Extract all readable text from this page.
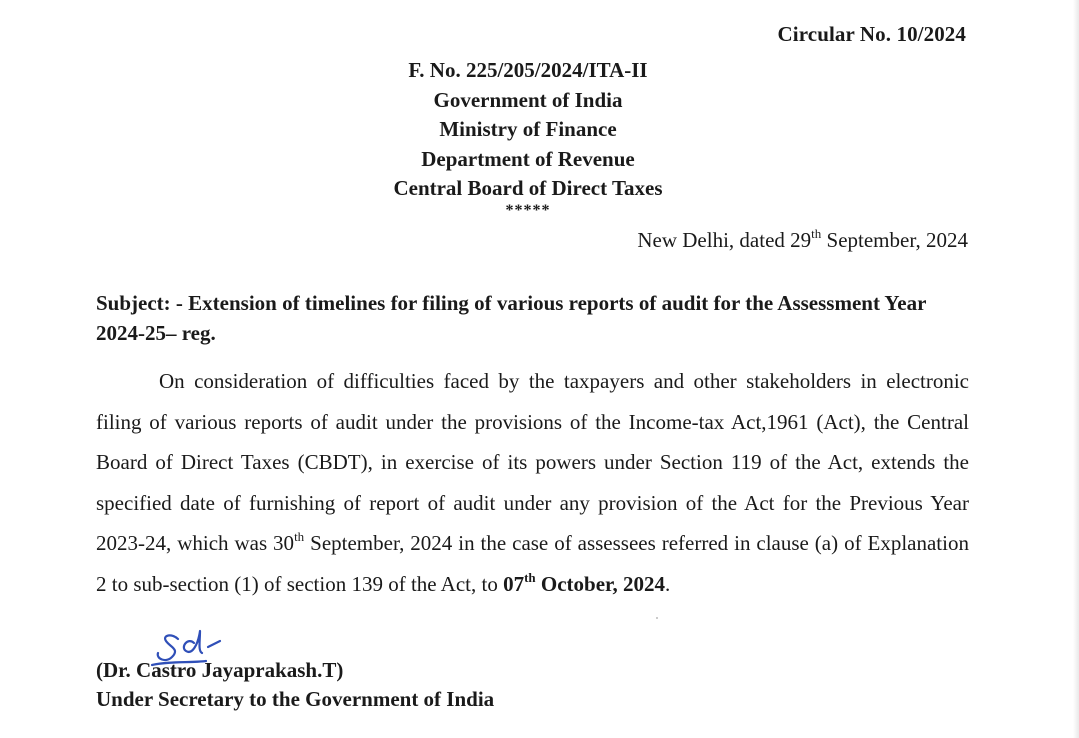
Circular No. 10/2024
F. No. 225/205/2024/ITA-II
Government of India
Ministry of Finance
Department of Revenue
Central Board of Direct Taxes
*****
New Delhi, dated 29th September, 2024
Subject: - Extension of timelines for filing of various reports of audit for the Assessment Year 2024-25– reg.
On consideration of difficulties faced by the taxpayers and other stakeholders in electronic filing of various reports of audit under the provisions of the Income-tax Act,1961 (Act), the Central Board of Direct Taxes (CBDT), in exercise of its powers under Section 119 of the Act, extends the specified date of furnishing of report of audit under any provision of the Act for the Previous Year 2023-24, which was 30th September, 2024 in the case of assessees referred in clause (a) of Explanation 2 to sub-section (1) of section 139 of the Act, to 07th October, 2024.
(Dr. Castro Jayaprakash.T)
Under Secretary to the Government of India
